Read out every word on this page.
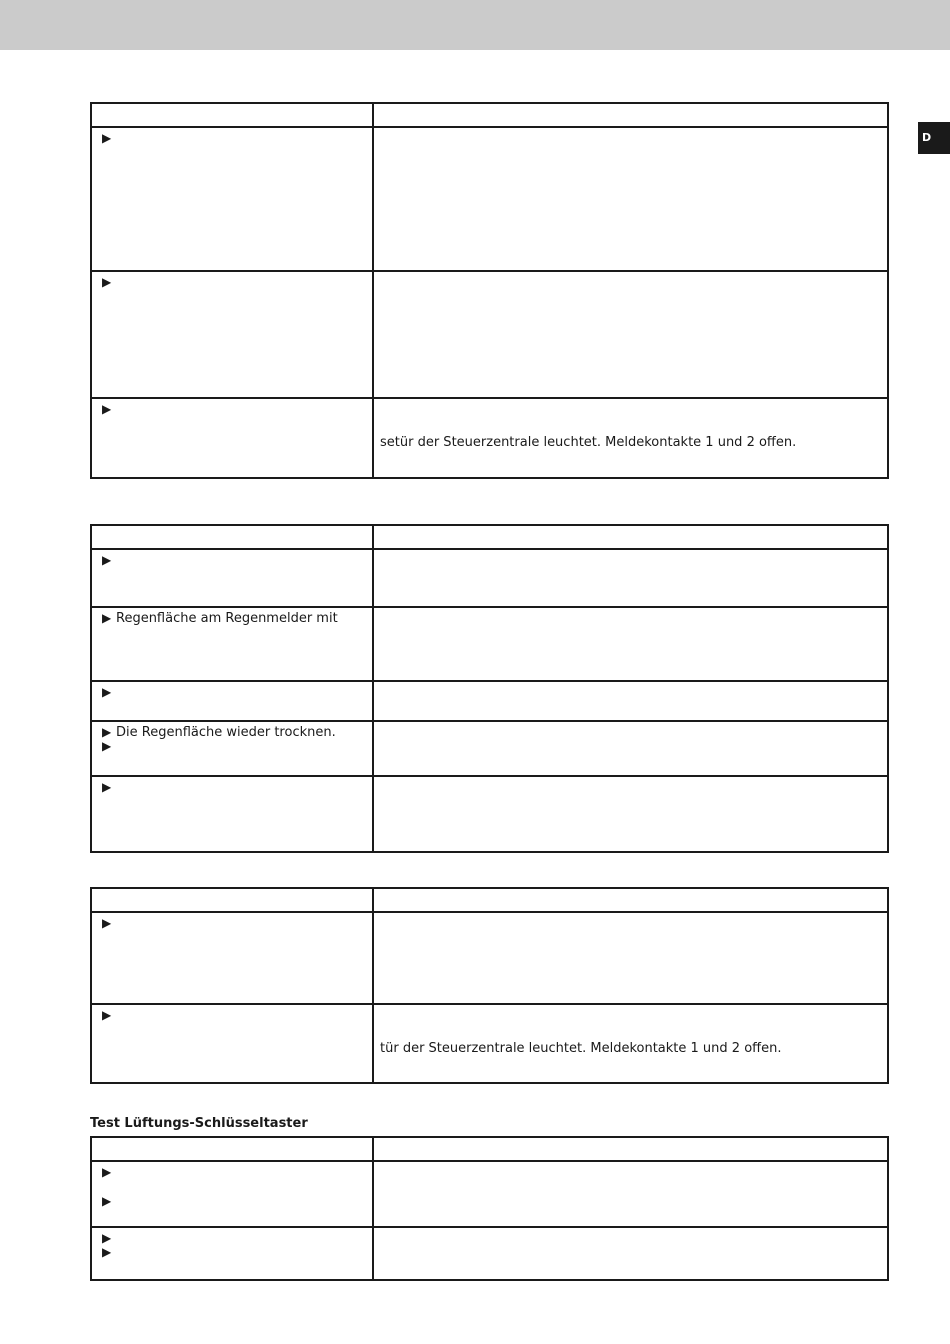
D

▶	

▶	

▶	setür der Steuerzentrale leuchtet. Meldekontakte 1 und 2 offen.

▶	

▶ Regenfläche am Regenmelder mit	

▶	

▶ Die Regenfläche wieder trocknen.
▶	

▶	

▶	

▶	tür der Steuerzentrale leuchtet. Meldekontakte 1 und 2 offen.
Test Lüftungs-Schlüsseltaster

▶
▶	

▶
▶	
